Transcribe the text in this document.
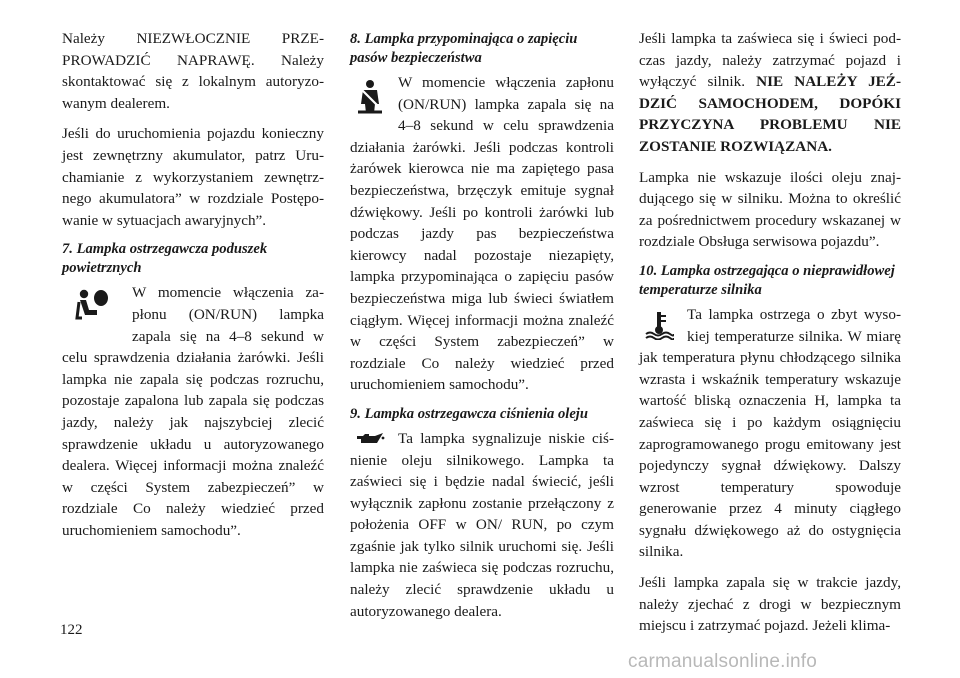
Należy NIEZWŁOCZNIE PRZEPROWADZIĆ NAPRAWĘ. Należy skontaktować się z lokalnym autoryzowanym dealerem.

Jeśli do uruchomienia pojazdu konieczny jest zewnętrzny akumulator, patrz Uruchamianie z wykorzystaniem zewnętrznego akumulatora” w rozdziale Postępowanie w sytuacjach awaryjnych”.

7. Lampka ostrzegawcza poduszek powietrznych

W momencie włączenia zapłonu (ON/RUN) lampka zapala się na 4–8 sekund w celu sprawdzenia działania żarówki. Jeśli lampka nie zapala się podczas rozruchu, pozostaje zapalona lub zapala się podczas jazdy, należy jak najszybciej zlecić sprawdzenie układu u autoryzowanego dealera. Więcej informacji można znaleźć w części System zabezpieczeń” w rozdziale Co należy wiedzieć przed uruchomieniem samochodu”.

8. Lampka przypominająca o zapięciu pasów bezpieczeństwa

W momencie włączenia zapłonu (ON/RUN) lampka zapala się na 4–8 sekund w celu sprawdzenia działania żarówki. Jeśli podczas kontroli żarówek kierowca nie ma zapiętego pasa bezpieczeństwa, brzęczyk emituje sygnał dźwiękowy. Jeśli po kontroli żarówki lub podczas jazdy pas bezpieczeństwa kierowcy nadal pozostaje niezapięty, lampka przypominająca o zapięciu pasów bezpieczeństwa miga lub świeci światłem ciągłym. Więcej informacji można znaleźć w części System zabezpieczeń” w rozdziale Co należy wiedzieć przed uruchomieniem samochodu”.

9. Lampka ostrzegawcza ciśnienia oleju

Ta lampka sygnalizuje niskie ciśnienie oleju silnikowego. Lampka ta zaświeci się i będzie nadal świecić, jeśli wyłącznik zapłonu zostanie przełączony z położenia OFF w ON/ RUN, po czym zgaśnie jak tylko silnik uruchomi się. Jeśli lampka nie zaświeca się podczas rozruchu, należy zlecić sprawdzenie układu u autoryzowanego dealera.

Jeśli lampka ta zaświeca się i świeci podczas jazdy, należy zatrzymać pojazd i wyłączyć silnik. NIE NALEŻY JEŹDZIĆ SAMOCHODEM, DOPÓKI PRZYCZYNA PROBLEMU NIE ZOSTANIE ROZWIĄZANA.

Lampka nie wskazuje ilości oleju znajdującego się w silniku. Można to określić za pośrednictwem procedury wskazanej w rozdziale Obsługa serwisowa pojazdu”.

10. Lampka ostrzegająca o nieprawidłowej temperaturze silnika

Ta lampka ostrzega o zbyt wysokiej temperaturze silnika. W miarę jak temperatura płynu chłodzącego silnika wzrasta i wskaźnik temperatury wskazuje wartość bliską oznaczenia H, lampka ta zaświeca się i po każdym osiągnięciu zaprogramowanego progu emitowany jest pojedynczy sygnał dźwiękowy. Dalszy wzrost temperatury spowoduje generowanie przez 4 minuty ciągłego sygnału dźwiękowego aż do ostygnięcia silnika.

Jeśli lampka zapala się w trakcie jazdy, należy zjechać z drogi w bezpiecznym miejscu i zatrzymać pojazd. Jeżeli klima-

122
carmanualsonline.info
